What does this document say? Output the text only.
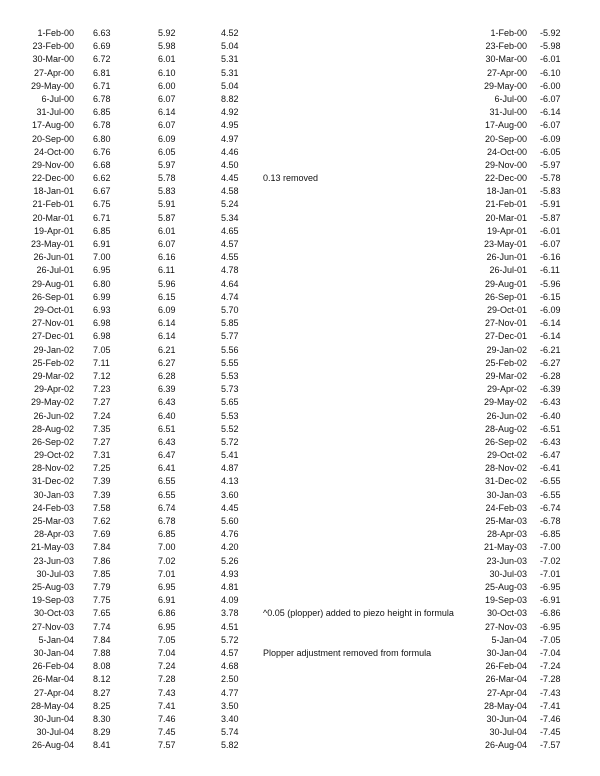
1-Feb-00 6.63	5.92	4.52	1-Feb-00 -5.92
23-Feb-00 6.69	5.98	5.04	23-Feb-00 -5.98
30-Mar-00 6.72	6.01	5.31	30-Mar-00 -6.01
27-Apr-00 6.81	6.10	5.31	27-Apr-00 -6.10
29-May-00 6.71	6.00	5.04	29-May-00 -6.00
6-Jul-00 6.78	6.07	8.82	6-Jul-00 -6.07
31-Jul-00 6.85	6.14	4.92	31-Jul-00 -6.14
17-Aug-00 6.78	6.07	4.95	17-Aug-00 -6.07
20-Sep-00 6.80	6.09	4.97	20-Sep-00 -6.09
24-Oct-00 6.76	6.05	4.46	24-Oct-00 -6.05
29-Nov-00 6.68	5.97	4.50	29-Nov-00 -5.97
22-Dec-00 6.62	5.78	4.45	0.13 removed	22-Dec-00 -5.78
18-Jan-01 6.67	5.83	4.58	18-Jan-01 -5.83
21-Feb-01 6.75	5.91	5.24	21-Feb-01 -5.91
20-Mar-01 6.71	5.87	5.34	20-Mar-01 -5.87
19-Apr-01 6.85	6.01	4.65	19-Apr-01 -6.01
23-May-01 6.91	6.07	4.57	23-May-01 -6.07
26-Jun-01 7.00	6.16	4.55	26-Jun-01 -6.16
26-Jul-01 6.95	6.11	4.78	26-Jul-01 -6.11
29-Aug-01 6.80	5.96	4.64	29-Aug-01 -5.96
26-Sep-01 6.99	6.15	4.74	26-Sep-01 -6.15
29-Oct-01 6.93	6.09	5.70	29-Oct-01 -6.09
27-Nov-01 6.98	6.14	5.85	27-Nov-01 -6.14
27-Dec-01 6.98	6.14	5.77	27-Dec-01 -6.14
29-Jan-02 7.05	6.21	5.56	29-Jan-02 -6.21
25-Feb-02 7.11	6.27	5.55	25-Feb-02 -6.27
29-Mar-02 7.12	6.28	5.53	29-Mar-02 -6.28
29-Apr-02 7.23	6.39	5.73	29-Apr-02 -6.39
29-May-02 7.27	6.43	5.65	29-May-02 -6.43
26-Jun-02 7.24	6.40	5.53	26-Jun-02 -6.40
28-Aug-02 7.35	6.51	5.52	28-Aug-02 -6.51
26-Sep-02 7.27	6.43	5.72	26-Sep-02 -6.43
29-Oct-02 7.31	6.47	5.41	29-Oct-02 -6.47
28-Nov-02 7.25	6.41	4.87	28-Nov-02 -6.41
31-Dec-02 7.39	6.55	4.13	31-Dec-02 -6.55
30-Jan-03 7.39	6.55	3.60	30-Jan-03 -6.55
24-Feb-03 7.58	6.74	4.45	24-Feb-03 -6.74
25-Mar-03 7.62	6.78	5.60	25-Mar-03 -6.78
28-Apr-03 7.69	6.85	4.76	28-Apr-03 -6.85
21-May-03 7.84	7.00	4.20	21-May-03 -7.00
23-Jun-03 7.86	7.02	5.26	23-Jun-03 -7.02
30-Jul-03 7.85	7.01	4.93	30-Jul-03 -7.01
25-Aug-03 7.79	6.95	4.81	25-Aug-03 -6.95
19-Sep-03 7.75	6.91	4.09	19-Sep-03 -6.91
30-Oct-03 7.65	6.86	3.78	^0.05 (plopper) added to piezo height in formula	30-Oct-03 -6.86
27-Nov-03 7.74	6.95	4.51	27-Nov-03 -6.95
5-Jan-04 7.84	7.05	5.72	5-Jan-04 -7.05
30-Jan-04 7.88	7.04	4.57	Plopper adjustment removed from formula	30-Jan-04 -7.04
26-Feb-04 8.08	7.24	4.68	26-Feb-04 -7.24
26-Mar-04 8.12	7.28	2.50	26-Mar-04 -7.28
27-Apr-04 8.27	7.43	4.77	27-Apr-04 -7.43
28-May-04 8.25	7.41	3.50	28-May-04 -7.41
30-Jun-04 8.30	7.46	3.40	30-Jun-04 -7.46
30-Jul-04 8.29	7.45	5.74	30-Jul-04 -7.45
26-Aug-04 8.41	7.57	5.82	26-Aug-04 -7.57
